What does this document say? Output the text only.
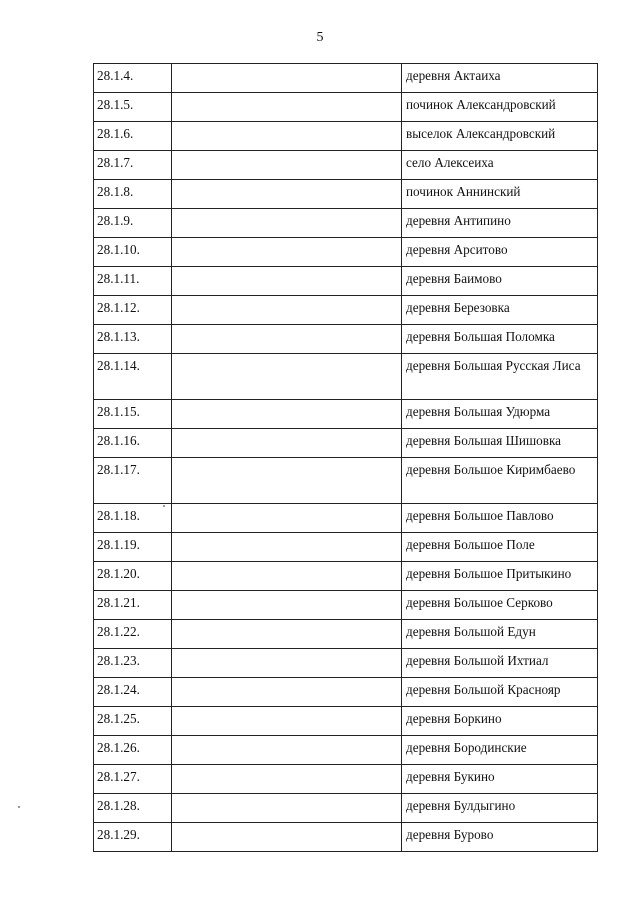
5
28.1.4.		деревня Актаиха
28.1.5.		починок Александровский
28.1.6.		выселок Александровский
28.1.7.		село Алексеиха
28.1.8.		починок Аннинский
28.1.9.		деревня Антипино
28.1.10.		деревня Арситово
28.1.11.		деревня Баимово
28.1.12.		деревня Березовка
28.1.13.		деревня Большая Поломка
28.1.14.		деревня Большая Русская Лиса
28.1.15.		деревня Большая Удюрма
28.1.16.		деревня Большая Шишовка
28.1.17.		деревня Большое Киримбаево
28.1.18.		деревня Большое Павлово
28.1.19.		деревня Большое Поле
28.1.20.		деревня Большое Притыкино
28.1.21.		деревня Большое Серково
28.1.22.		деревня Большой Едун
28.1.23.		деревня Большой Ихтиал
28.1.24.		деревня Большой Краснояр
28.1.25.		деревня Боркино
28.1.26.		деревня Бородинские
28.1.27.		деревня Букино
28.1.28.		деревня Булдыгино
28.1.29.		деревня Бурово
